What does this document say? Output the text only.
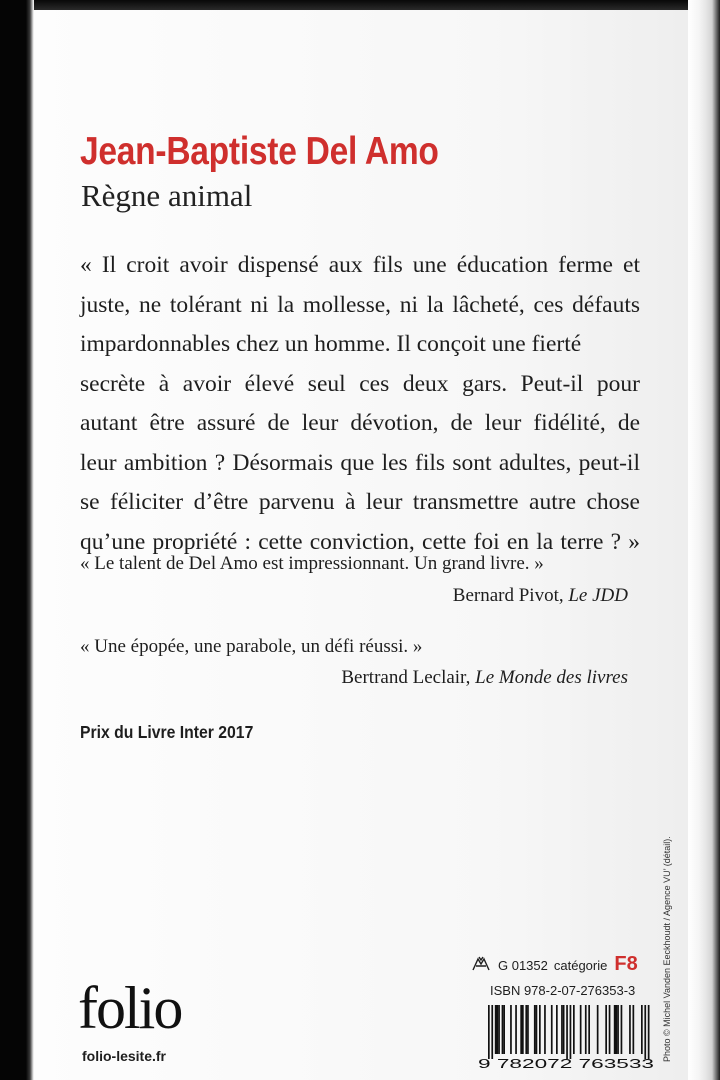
Jean-Baptiste Del Amo
Règne animal
« Il croit avoir dispensé aux fils une éducation ferme et
juste, ne tolérant ni la mollesse, ni la lâcheté, ces défauts
impardonnables chez un homme. Il conçoit une fierté
secrète à avoir élevé seul ces deux gars. Peut-il pour
autant être assuré de leur dévotion, de leur fidélité, de
leur ambition ? Désormais que les fils sont adultes, peut-il
se féliciter d’être parvenu à leur transmettre autre chose
qu’une propriété : cette conviction, cette foi en la terre ? »
« Le talent de Del Amo est impressionnant. Un grand livre. »
Bernard Pivot, Le JDD
« Une épopée, une parabole, un défi réussi. »
Bertrand Leclair, Le Monde des livres
Prix du Livre Inter 2017
Photo © Michel Vanden Eeckhoudt / Agence VU’ (détail).
G 01352 catégorie F8
ISBN 978-2-07-276353-3
9 782072 763533
folio
folio-lesite.fr
